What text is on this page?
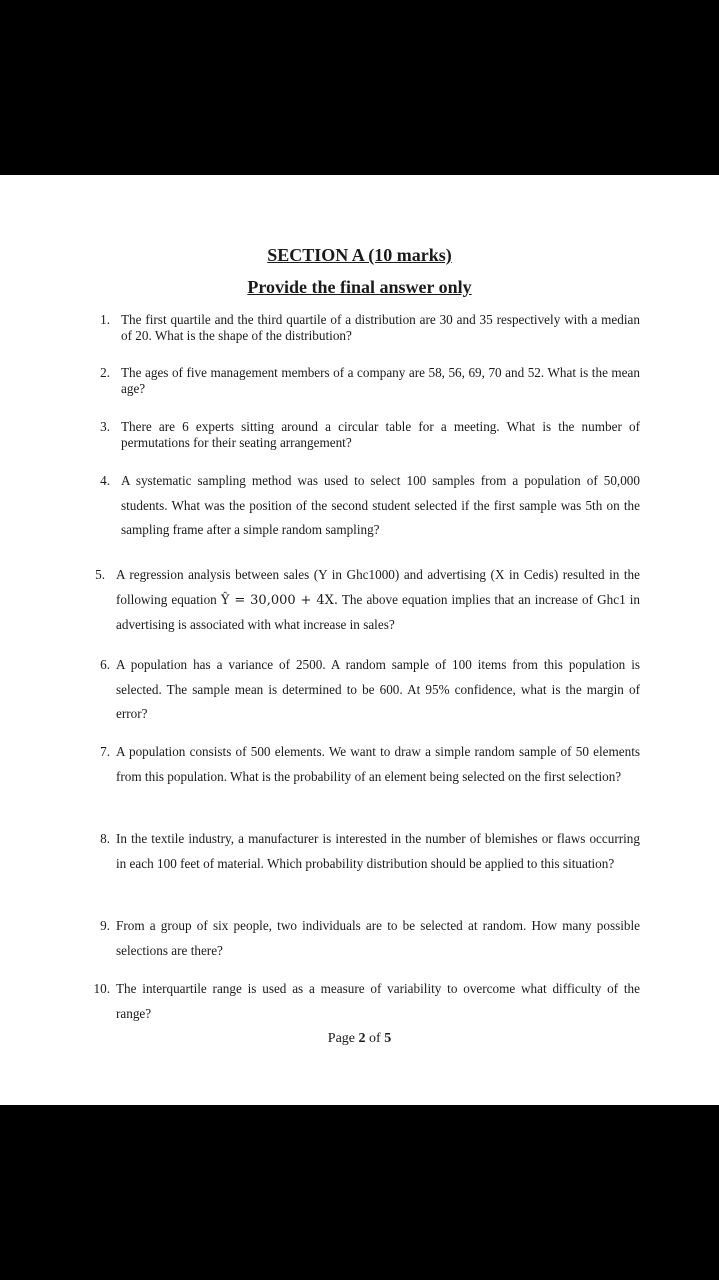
SECTION A (10 marks)
Provide the final answer only
1. The first quartile and the third quartile of a distribution are 30 and 35 respectively with a median of 20. What is the shape of the distribution?
2. The ages of five management members of a company are 58, 56, 69, 70 and 52. What is the mean age?
3. There are 6 experts sitting around a circular table for a meeting. What is the number of permutations for their seating arrangement?
4. A systematic sampling method was used to select 100 samples from a population of 50,000 students. What was the position of the second student selected if the first sample was 5th on the sampling frame after a simple random sampling?
5. A regression analysis between sales (Y in Ghc1000) and advertising (X in Cedis) resulted in the following equation Ŷ = 30,000 + 4X. The above equation implies that an increase of Ghc1 in advertising is associated with what increase in sales?
6. A population has a variance of 2500. A random sample of 100 items from this population is selected. The sample mean is determined to be 600. At 95% confidence, what is the margin of error?
7. A population consists of 500 elements. We want to draw a simple random sample of 50 elements from this population. What is the probability of an element being selected on the first selection?
8. In the textile industry, a manufacturer is interested in the number of blemishes or flaws occurring in each 100 feet of material. Which probability distribution should be applied to this situation?
9. From a group of six people, two individuals are to be selected at random. How many possible selections are there?
10. The interquartile range is used as a measure of variability to overcome what difficulty of the range?
Page 2 of 5
